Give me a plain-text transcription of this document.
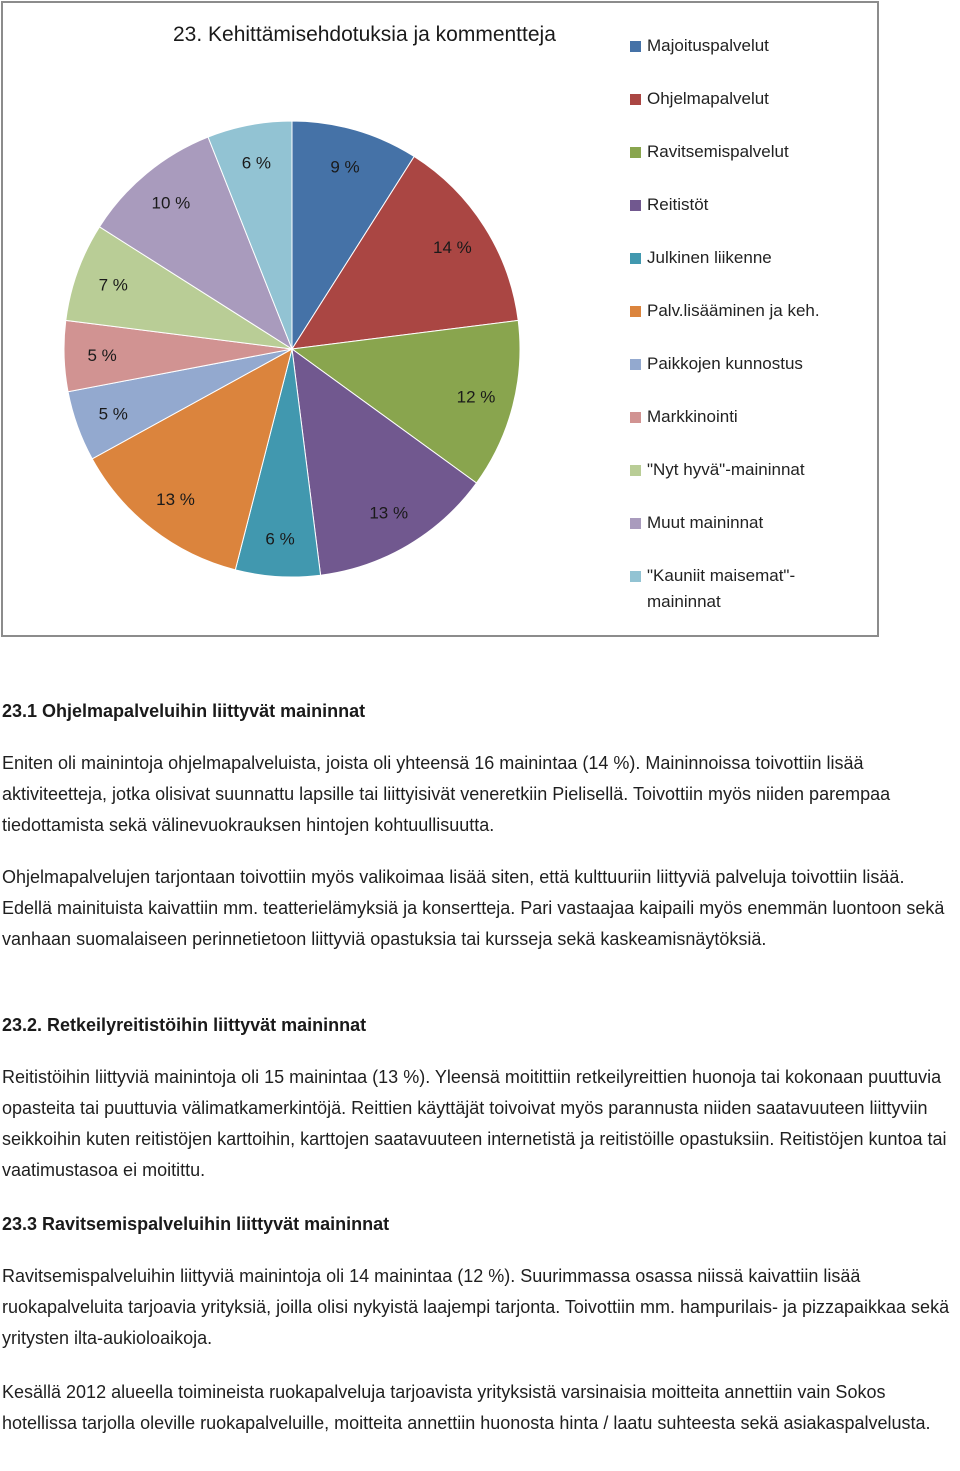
23. Kehittämisehdotuksia ja kommentteja
9 %
14 %
12 %
13 %
6 %
13 %
5 %
5 %
7 %
10 %
6 %
Majoituspalvelut
Ohjelmapalvelut
Ravitsemispalvelut
Reitistöt
Julkinen liikenne
Palv.lisääminen ja keh.
Paikkojen kunnostus
Markkinointi
"Nyt hyvä"-maininnat
Muut maininnat
"Kauniit maisemat"-
maininnat
23.1 Ohjelmapalveluihin liittyvät maininnat

Eniten oli mainintoja ohjelmapalveluista, joista oli yhteensä 16 mainintaa (14 %). Maininnoissa toivottiin lisää aktiviteetteja, jotka olisivat suunnattu lapsille tai liittyisivät veneretkiin Pielisellä. Toivottiin myös niiden parempaa tiedottamista sekä välinevuokrauksen hintojen kohtuullisuutta.

Ohjelmapalvelujen tarjontaan toivottiin myös valikoimaa lisää siten, että kulttuuriin liittyviä palveluja toivottiin lisää. Edellä mainituista kaivattiin mm. teatterielämyksiä ja konsertteja. Pari vastaajaa kaipaili myös enemmän luontoon sekä vanhaan suomalaiseen perinnetietoon liittyviä opastuksia tai kursseja sekä kaskeamisnäytöksiä.

23.2. Retkeilyreitistöihin liittyvät maininnat

Reitistöihin liittyviä mainintoja oli 15 mainintaa (13 %). Yleensä moitittiin retkeilyreittien huonoja tai kokonaan puuttuvia opasteita tai puuttuvia välimatkamerkintöjä. Reittien käyttäjät toivoivat myös parannusta niiden saatavuuteen liittyviin seikkoihin kuten reitistöjen karttoihin, karttojen saatavuuteen internetistä ja reitistöille opastuksiin. Reitistöjen kuntoa tai vaatimustasoa ei moitittu.

23.3 Ravitsemispalveluihin liittyvät maininnat

Ravitsemispalveluihin liittyviä mainintoja oli 14 mainintaa (12 %). Suurimmassa osassa niissä kaivattiin lisää ruokapalveluita tarjoavia yrityksiä, joilla olisi nykyistä laajempi tarjonta. Toivottiin mm. hampurilais- ja pizzapaikkaa sekä yritysten ilta-aukioloaikoja.

Kesällä 2012 alueella toimineista ruokapalveluja tarjoavista yrityksistä varsinaisia moitteita annettiin vain Sokos hotellissa tarjolla oleville ruokapalveluille, moitteita annettiin huonosta hinta / laatu suhteesta sekä asiakaspalvelusta.
